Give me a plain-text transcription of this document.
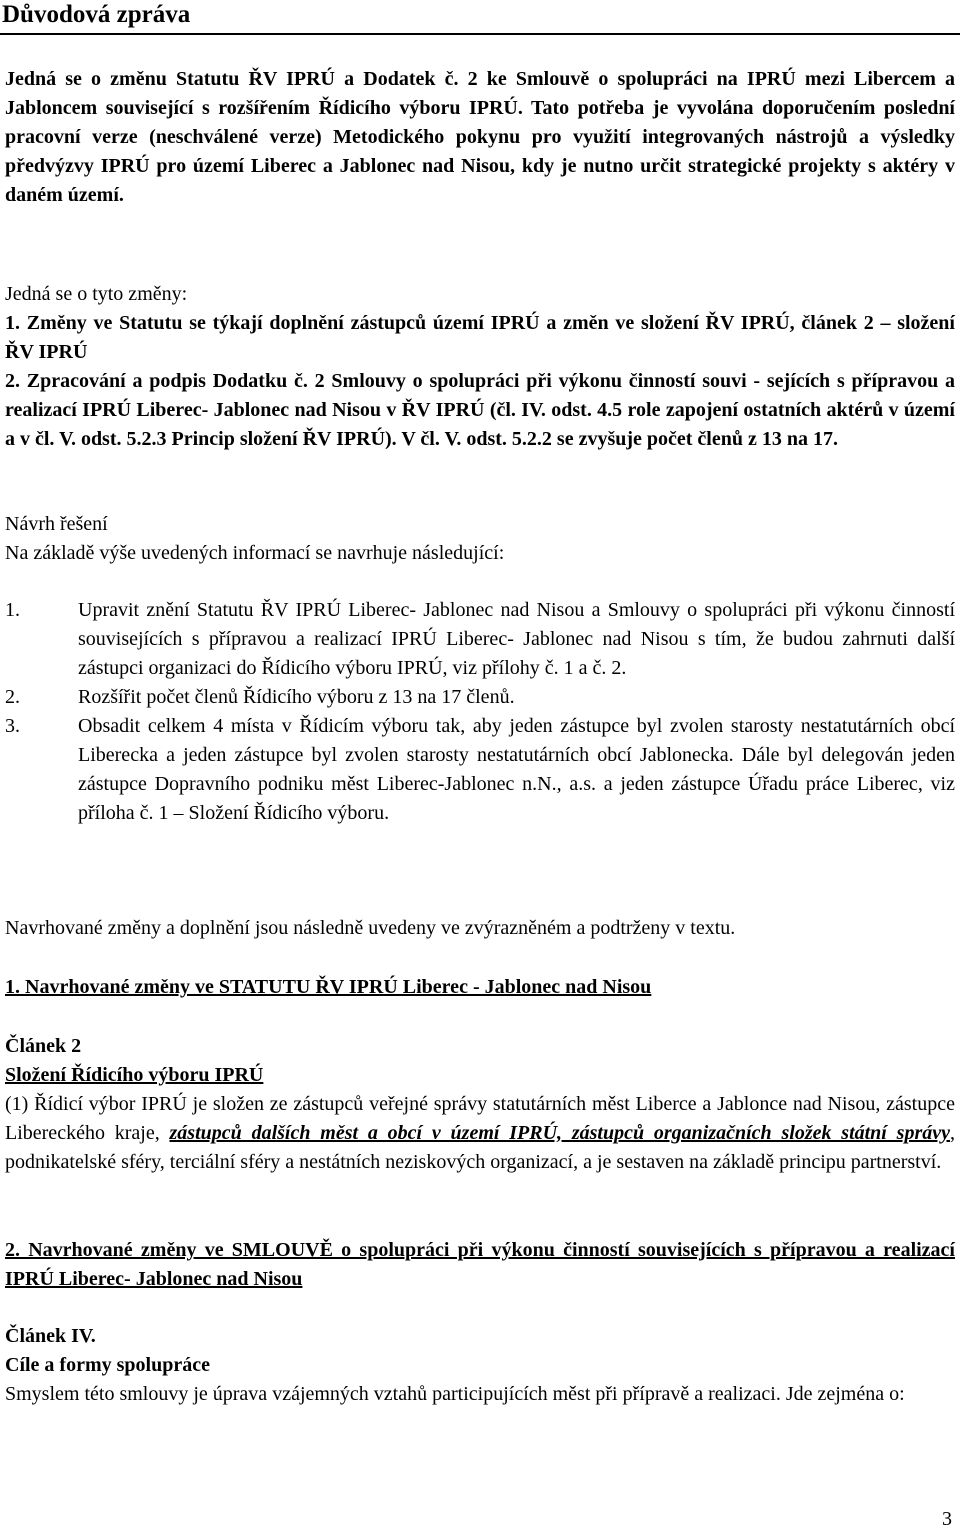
Důvodová zpráva

Jedná se o změnu Statutu ŘV IPRÚ a Dodatek č. 2 ke Smlouvě o spolupráci na IPRÚ mezi Libercem a Jabloncem související s rozšířením Řídicího výboru IPRÚ. Tato potřeba je vyvolána doporučením poslední pracovní verze (neschválené verze) Metodického pokynu pro využití integrovaných nástrojů a výsledky předvýzvy IPRÚ pro území Liberec a Jablonec nad Nisou, kdy je nutno určit strategické projekty s aktéry v daném území.

Jedná se o tyto změny:

1. Změny ve Statutu se týkají doplnění zástupců území IPRÚ a změn ve složení ŘV IPRÚ, článek 2 – složení ŘV IPRÚ

2. Zpracování a podpis Dodatku č. 2 Smlouvy o spolupráci při výkonu činností souvi - sejících s přípravou a realizací IPRÚ Liberec- Jablonec nad Nisou v ŘV IPRÚ (čl. IV. odst. 4.5 role zapojení ostatních aktérů v území a v čl. V. odst. 5.2.3 Princip složení ŘV IPRÚ). V čl. V. odst. 5.2.2 se zvyšuje počet členů z 13 na 17.

Návrh řešení

Na základě výše uvedených informací se navrhuje následující:

1.	Upravit znění Statutu ŘV IPRÚ Liberec- Jablonec nad Nisou a Smlouvy o spolupráci při výkonu činností souvisejících s přípravou a realizací IPRÚ Liberec- Jablonec nad Nisou s tím, že budou zahrnuti další zástupci organizaci do Řídicího výboru IPRÚ, viz přílohy č. 1 a č. 2.
2.	Rozšířit počet členů Řídicího výboru z 13 na 17 členů.
3.	Obsadit celkem 4 místa v Řídicím výboru tak, aby jeden zástupce byl zvolen starosty nestatutárních obcí Liberecka a jeden zástupce byl zvolen starosty nestatutárních obcí Jablonecka. Dále byl delegován jeden zástupce Dopravního podniku měst Liberec-Jablonec n.N., a.s. a jeden zástupce Úřadu práce Liberec, viz příloha č. 1 – Složení Řídicího výboru.

Navrhované změny a doplnění jsou následně uvedeny ve zvýrazněném a podtrženy v textu.

1. Navrhované změny ve STATUTU ŘV IPRÚ Liberec - Jablonec nad Nisou

Článek 2

Složení Řídicího výboru IPRÚ

(1) Řídicí výbor IPRÚ je složen ze zástupců veřejné správy statutárních měst Liberce a Jablonce nad Nisou, zástupce Libereckého kraje, zástupců dalších měst a obcí v území IPRÚ, zástupců organizačních složek státní správy, podnikatelské sféry, terciální sféry a nestátních neziskových organizací, a je sestaven na základě principu partnerství.

2. Navrhované změny ve SMLOUVĚ o spolupráci při výkonu činností souvisejících s přípravou a realizací IPRÚ Liberec- Jablonec nad Nisou

Článek IV.

Cíle a formy spolupráce

Smyslem této smlouvy je úprava vzájemných vztahů participujících měst při přípravě a realizaci. Jde zejména o:

3
